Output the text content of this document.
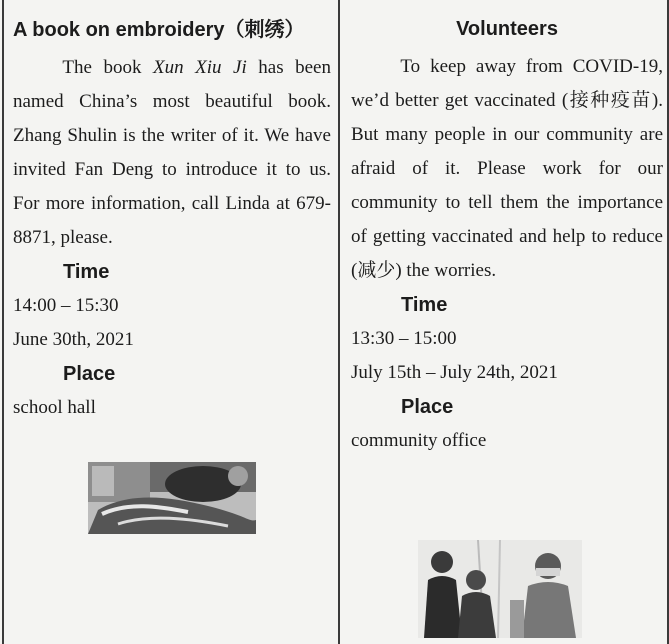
A book on embroidery（刺绣）
The book Xun Xiu Ji has been named China’s most beautiful book. Zhang Shulin is the writer of it. We have invited Fan Deng to introduce it to us. For more information, call Linda at 679-8871, please.
Time
14:00 – 15:30
June 30th, 2021
Place
school hall
Volunteers
To keep away from COVID-19, we’d better get vaccinated (接种疫苗). But many people in our community are afraid of it. Please work for our community to tell them the importance of getting vaccinated and help to reduce (减少) the worries.
Time
13:30 – 15:00
July 15th – July 24th, 2021
Place
community office
